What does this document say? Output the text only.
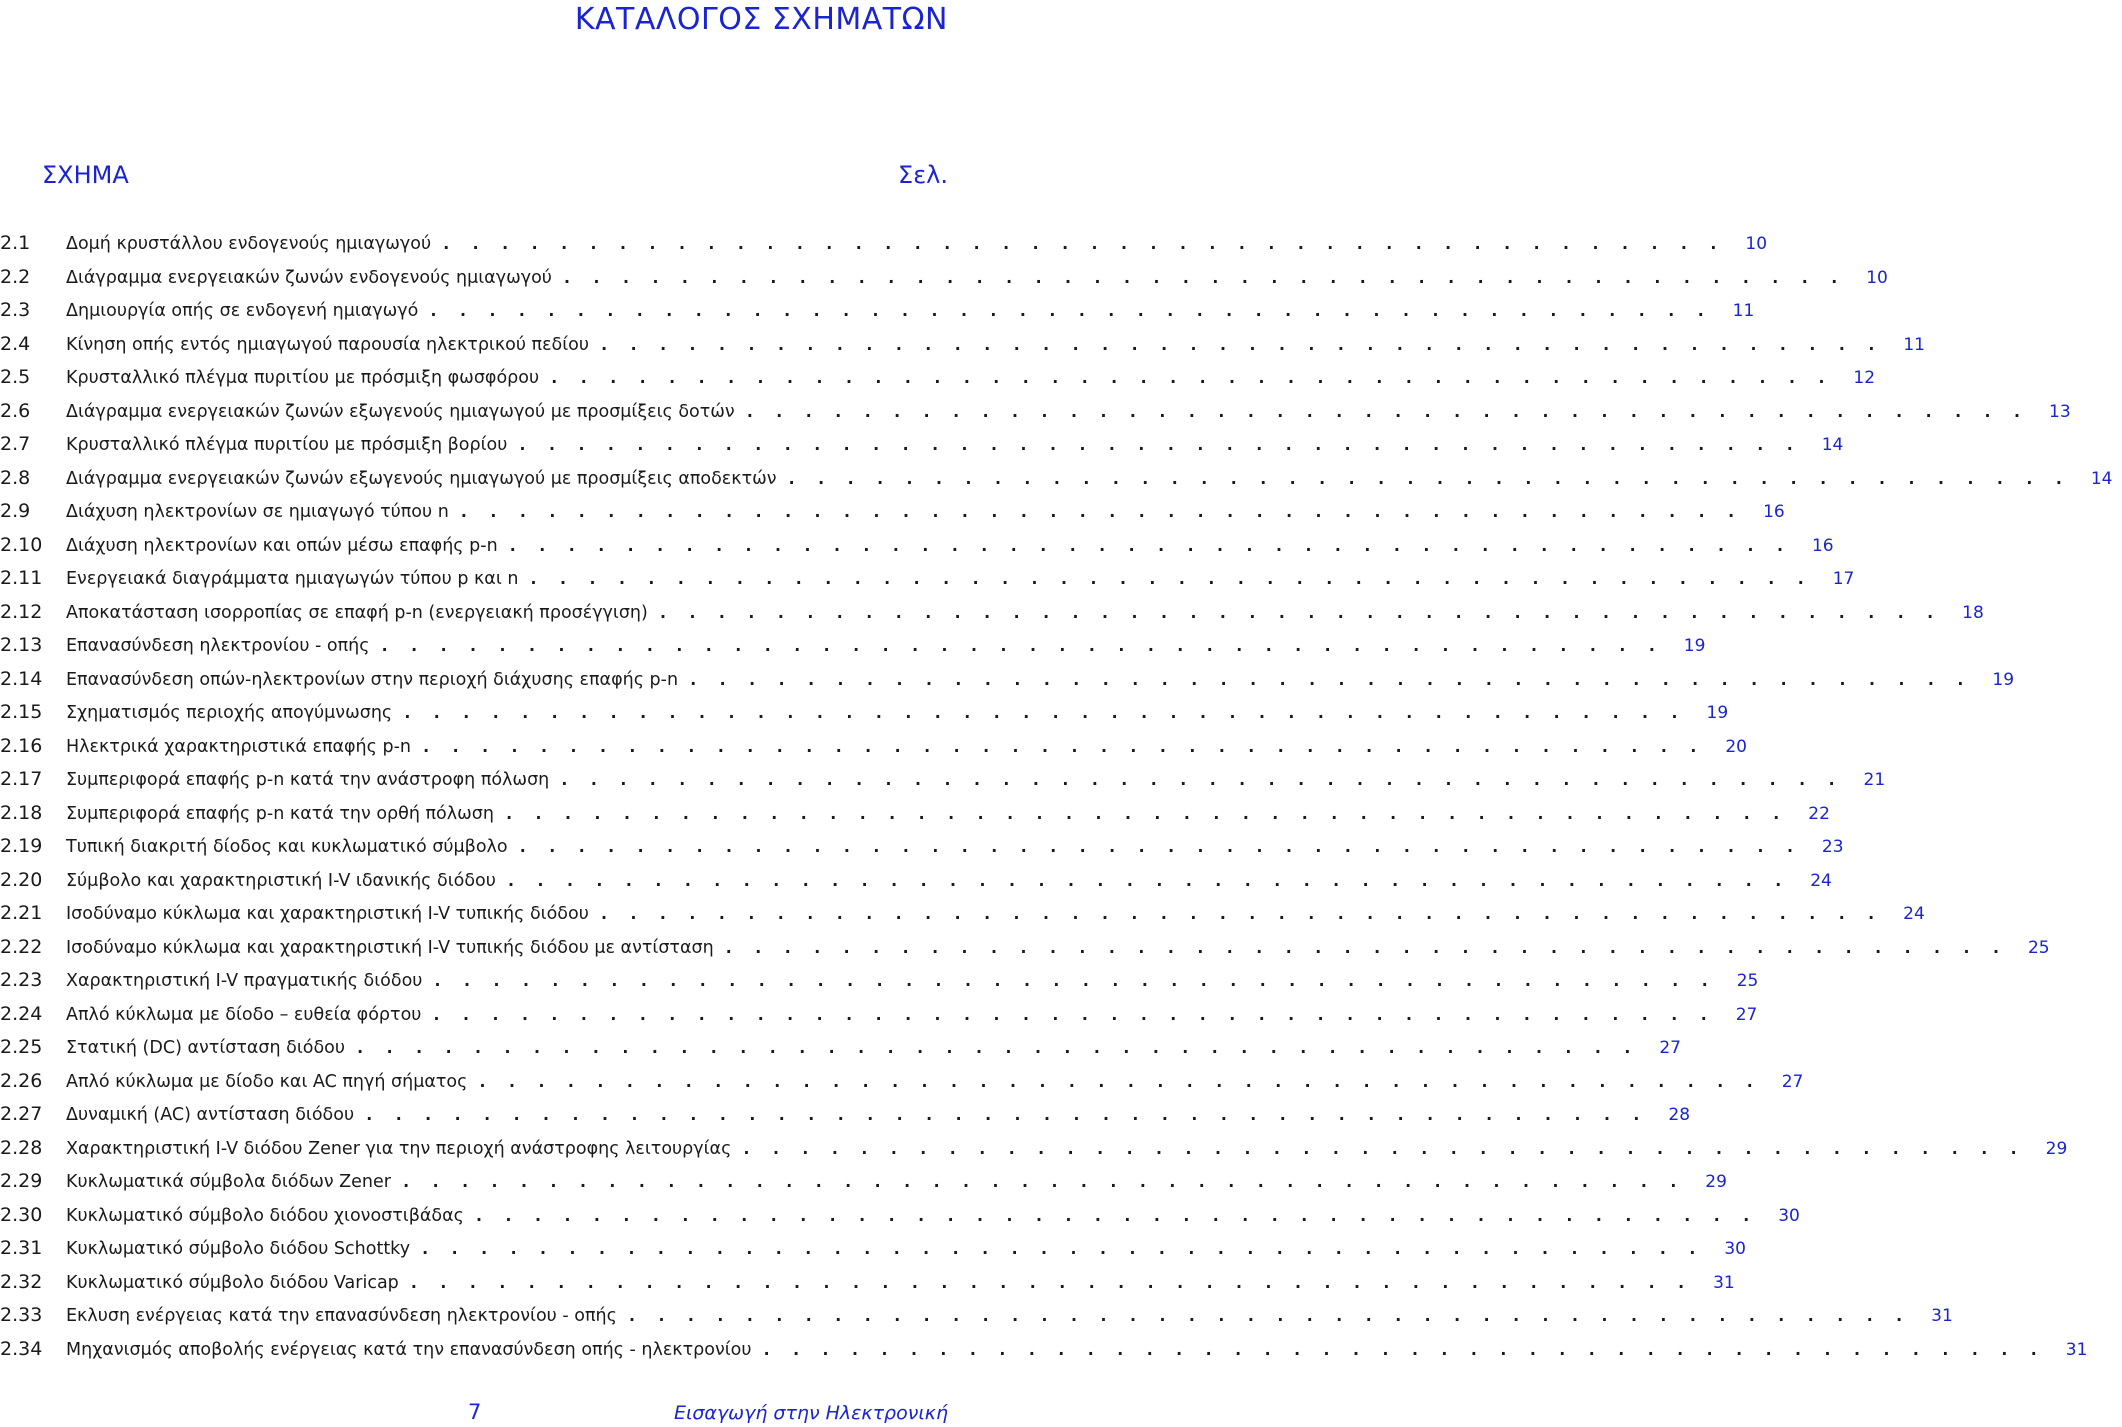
ΚΑΤΑΛΟΓΟΣ ΣΧΗΜΑΤΩΝ
ΣΧΗΜΑ	Σελ.
2.1	Δομή κρυστάλλου ενδογενούς ημιαγωγού . . . . . . . . . . . . . . . . . . . . . . . . . . . . . . . . . . . . . . . . . . . .	10
2.2	Διάγραμμα ενεργειακών ζωνών ενδογενούς ημιαγωγού . . . . . . . . . . . . . . . . . . . . . . . . . . . . . . . . . . . . . . . . . . . .	10
2.3	Δημιουργία οπής σε ενδογενή ημιαγωγό . . . . . . . . . . . . . . . . . . . . . . . . . . . . . . . . . . . . . . . . . . . .	11
2.4	Κίνηση οπής εντός ημιαγωγού παρουσία ηλεκτρικού πεδίου . . . . . . . . . . . . . . . . . . . . . . . . . . . . . . . . . . . . . . . . . . . .	11
2.5	Κρυσταλλικό πλέγμα πυριτίου με πρόσμιξη φωσφόρου . . . . . . . . . . . . . . . . . . . . . . . . . . . . . . . . . . . . . . . . . . . .	12
2.6	Διάγραμμα ενεργειακών ζωνών εξωγενούς ημιαγωγού με προσμίξεις δοτών . . . . . . . . . . . . . . . . . . . . . . . . . . . . . . . . . . . . . . . . . . . .	13
2.7	Κρυσταλλικό πλέγμα πυριτίου με πρόσμιξη βορίου . . . . . . . . . . . . . . . . . . . . . . . . . . . . . . . . . . . . . . . . . . . .	14
2.8	Διάγραμμα ενεργειακών ζωνών εξωγενούς ημιαγωγού με προσμίξεις αποδεκτών . . . . . . . . . . . . . . . . . . . . . . . . . . . . . . . . . . . . . . . . . . . .	14
2.9	Διάχυση ηλεκτρονίων σε ημιαγωγό τύπου n . . . . . . . . . . . . . . . . . . . . . . . . . . . . . . . . . . . . . . . . . . . .	16
2.10	Διάχυση ηλεκτρονίων και οπών μέσω επαφής p-n . . . . . . . . . . . . . . . . . . . . . . . . . . . . . . . . . . . . . . . . . . . .	16
2.11	Ενεργειακά διαγράμματα ημιαγωγών τύπου p και n . . . . . . . . . . . . . . . . . . . . . . . . . . . . . . . . . . . . . . . . . . . .	17
2.12	Αποκατάσταση ισορροπίας σε επαφή p-n (ενεργειακή προσέγγιση) . . . . . . . . . . . . . . . . . . . . . . . . . . . . . . . . . . . . . . . . . . . .	18
2.13	Επανασύνδεση ηλεκτρονίου - οπής . . . . . . . . . . . . . . . . . . . . . . . . . . . . . . . . . . . . . . . . . . . .	19
2.14	Επανασύνδεση οπών-ηλεκτρονίων στην περιοχή διάχυσης επαφής p-n . . . . . . . . . . . . . . . . . . . . . . . . . . . . . . . . . . . . . . . . . . . .	19
2.15	Σχηματισμός περιοχής απογύμνωσης . . . . . . . . . . . . . . . . . . . . . . . . . . . . . . . . . . . . . . . . . . . .	19
2.16	Ηλεκτρικά χαρακτηριστικά επαφής p-n . . . . . . . . . . . . . . . . . . . . . . . . . . . . . . . . . . . . . . . . . . . .	20
2.17	Συμπεριφορά επαφής p-n κατά την ανάστροφη πόλωση . . . . . . . . . . . . . . . . . . . . . . . . . . . . . . . . . . . . . . . . . . . .	21
2.18	Συμπεριφορά επαφής p-n κατά την ορθή πόλωση . . . . . . . . . . . . . . . . . . . . . . . . . . . . . . . . . . . . . . . . . . . .	22
2.19	Τυπική διακριτή δίοδος και κυκλωματικό σύμβολο . . . . . . . . . . . . . . . . . . . . . . . . . . . . . . . . . . . . . . . . . . . .	23
2.20	Σύμβολο και χαρακτηριστική I-V ιδανικής διόδου . . . . . . . . . . . . . . . . . . . . . . . . . . . . . . . . . . . . . . . . . . . .	24
2.21	Ισοδύναμο κύκλωμα και χαρακτηριστική I-V τυπικής διόδου . . . . . . . . . . . . . . . . . . . . . . . . . . . . . . . . . . . . . . . . . . . .	24
2.22	Ισοδύναμο κύκλωμα και χαρακτηριστική I-V τυπικής διόδου με αντίσταση . . . . . . . . . . . . . . . . . . . . . . . . . . . . . . . . . . . . . . . . . . . .	25
2.23	Χαρακτηριστική I-V πραγματικής διόδου . . . . . . . . . . . . . . . . . . . . . . . . . . . . . . . . . . . . . . . . . . . .	25
2.24	Απλό κύκλωμα με δίοδο – ευθεία φόρτου . . . . . . . . . . . . . . . . . . . . . . . . . . . . . . . . . . . . . . . . . . . .	27
2.25	Στατική (DC) αντίσταση διόδου . . . . . . . . . . . . . . . . . . . . . . . . . . . . . . . . . . . . . . . . . . . .	27
2.26	Απλό κύκλωμα με δίοδο και AC πηγή σήματος . . . . . . . . . . . . . . . . . . . . . . . . . . . . . . . . . . . . . . . . . . . .	27
2.27	Δυναμική (AC) αντίσταση διόδου . . . . . . . . . . . . . . . . . . . . . . . . . . . . . . . . . . . . . . . . . . . .	28
2.28	Χαρακτηριστική I-V διόδου Zener για την περιοχή ανάστροφης λειτουργίας . . . . . . . . . . . . . . . . . . . . . . . . . . . . . . . . . . . . . . . . . . . .	29
2.29	Κυκλωματικά σύμβολα διόδων Zener . . . . . . . . . . . . . . . . . . . . . . . . . . . . . . . . . . . . . . . . . . . .	29
2.30	Κυκλωματικό σύμβολο διόδου χιονοστιβάδας . . . . . . . . . . . . . . . . . . . . . . . . . . . . . . . . . . . . . . . . . . . .	30
2.31	Κυκλωματικό σύμβολο διόδου Schottky . . . . . . . . . . . . . . . . . . . . . . . . . . . . . . . . . . . . . . . . . . . .	30
2.32	Κυκλωματικό σύμβολο διόδου Varicap . . . . . . . . . . . . . . . . . . . . . . . . . . . . . . . . . . . . . . . . . . . .	31
2.33	Εκλυση ενέργειας κατά την επανασύνδεση ηλεκτρονίου - οπής . . . . . . . . . . . . . . . . . . . . . . . . . . . . . . . . . . . . . . . . . . . .	31
2.34	Μηχανισμός αποβολής ενέργειας κατά την επανασύνδεση οπής - ηλεκτρονίου . . . . . . . . . . . . . . . . . . . . . . . . . . . . . . . . . . . . . . . . . . . .	31
7	Εισαγωγή στην Ηλεκτρονική
